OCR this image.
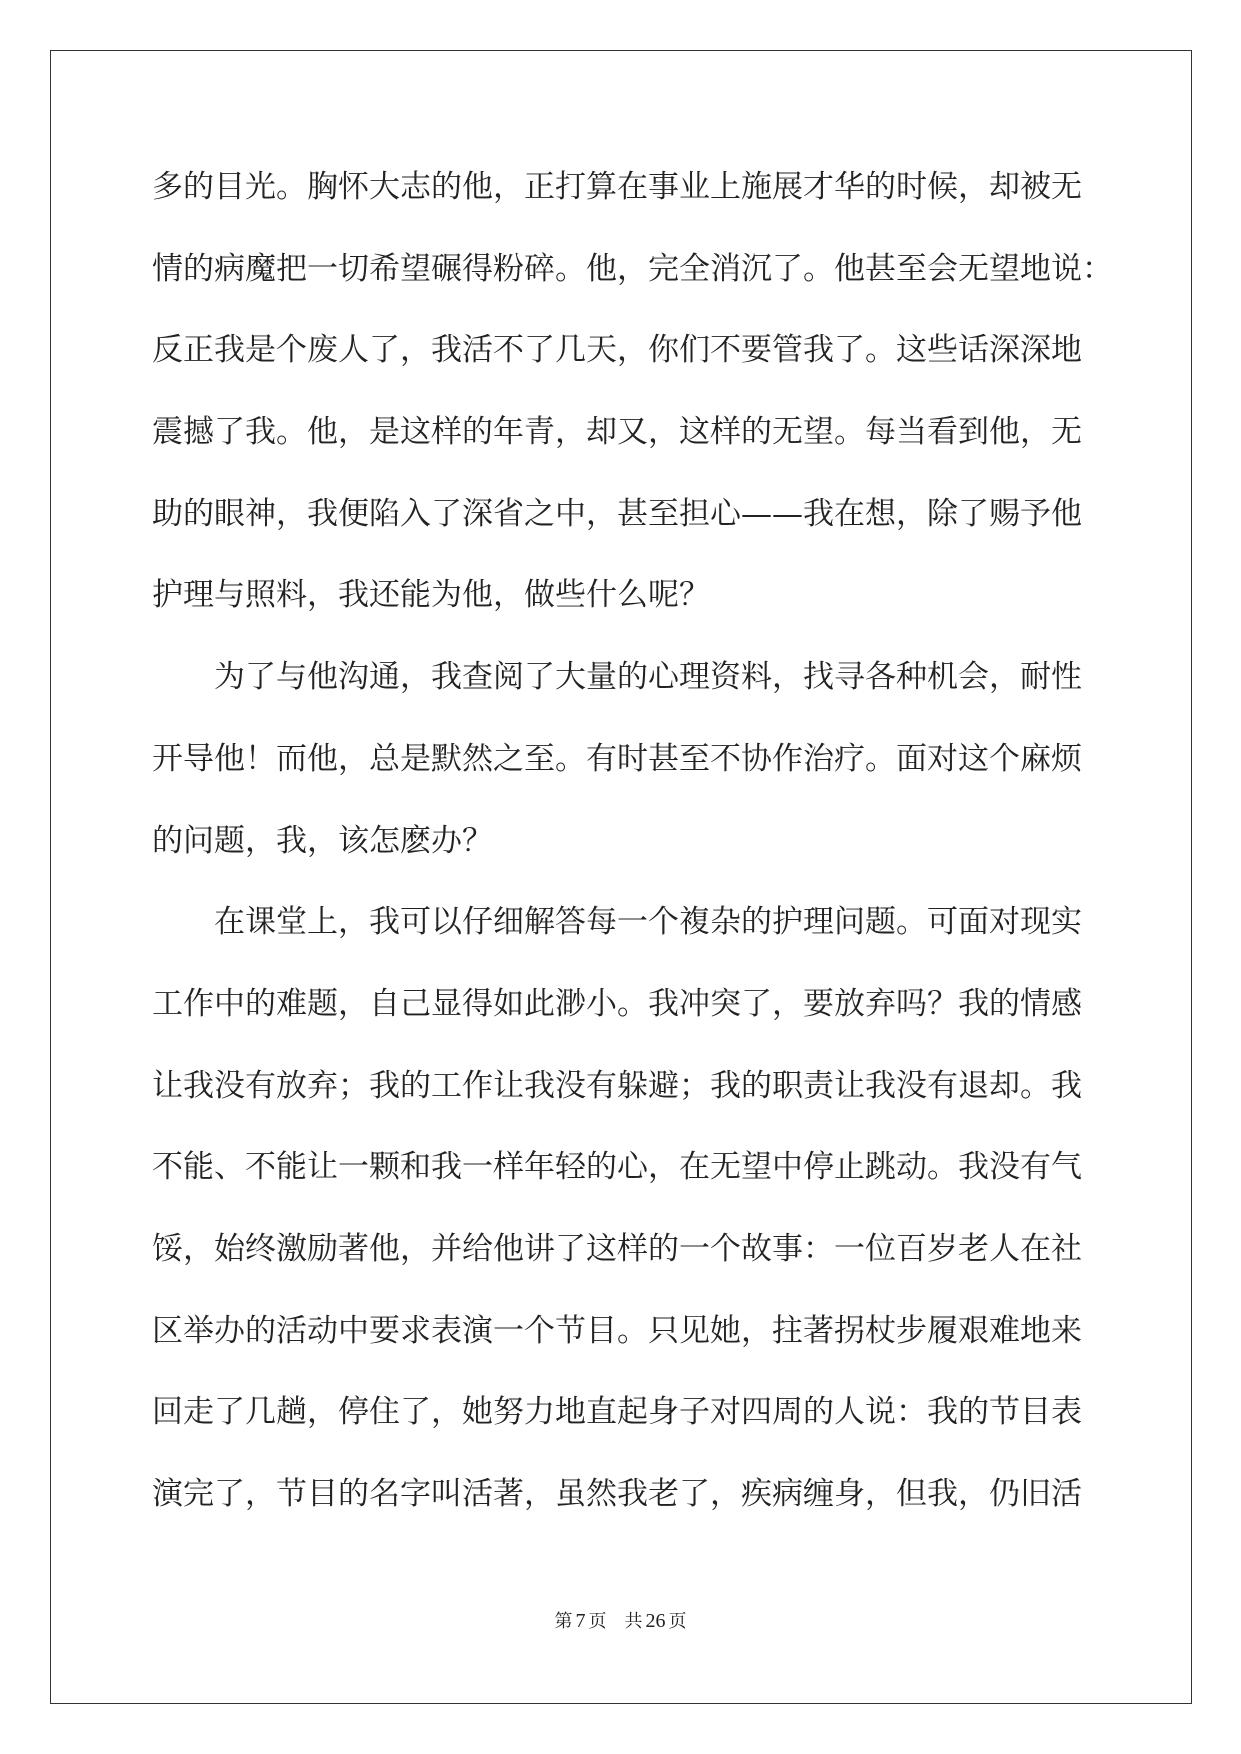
多的目光。胸怀大志的他，正打算在事业上施展才华的时候，却被无
情的病魔把一切希望碾得粉碎。他，完全消沉了。他甚至会无望地说：
反正我是个废人了，我活不了几天，你们不要管我了。这些话深深地
震撼了我。他，是这样的年青，却又，这样的无望。每当看到他，无
助的眼神，我便陷入了深省之中，甚至担心——我在想，除了赐予他
护理与照料，我还能为他，做些什么呢？
　　为了与他沟通，我查阅了大量的心理资料，找寻各种机会，耐性
开导他！而他，总是默然之至。有时甚至不协作治疗。面对这个麻烦
的问题，我，该怎麽办？
　　在课堂上，我可以仔细解答每一个複杂的护理问题。可面对现实
工作中的难题，自己显得如此渺小。我冲突了，要放弃吗？我的情感
让我没有放弃；我的工作让我没有躲避；我的职责让我没有退却。我
不能、不能让一颗和我一样年轻的心，在无望中停止跳动。我没有气
馁，始终激励著他，并给他讲了这样的一个故事：一位百岁老人在社
区举办的活动中要求表演一个节目。只见她，拄著拐杖步履艰难地来
回走了几趟，停住了，她努力地直起身子对四周的人说：我的节目表
演完了，节目的名字叫活著，虽然我老了，疾病缠身，但我，仍旧活
第 7 页 共 26 页
